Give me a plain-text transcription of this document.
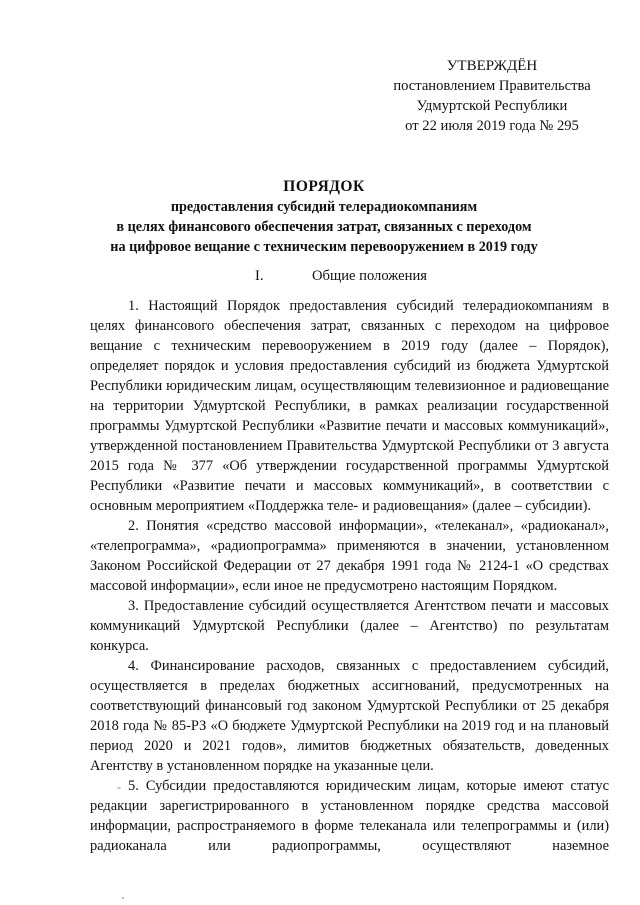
УТВЕРЖДЁН
постановлением Правительства
Удмуртской Республики
от 22 июля 2019 года № 295
ПОРЯДОК
предоставления субсидий телерадиокомпаниям
в целях финансового обеспечения затрат, связанных с переходом
на цифровое вещание с техническим перевооружением в 2019 году
I.	Общие положения

1. Настоящий Порядок предоставления субсидий телерадиокомпаниям в целях финансового обеспечения затрат, связанных с переходом на цифровое вещание с техническим перевооружением в 2019 году (далее – Порядок), определяет порядок и условия предоставления субсидий из бюджета Удмуртской Республики юридическим лицам, осуществляющим телевизионное и радиовещание на территории Удмуртской Республики, в рамках реализации государственной программы Удмуртской Республики «Развитие печати и массовых коммуникаций», утвержденной постановлением Правительства Удмуртской Республики от 3 августа 2015 года № 377 «Об утверждении государственной программы Удмуртской Республики «Развитие печати и массовых коммуникаций», в соответствии с основным мероприятием «Поддержка теле- и радиовещания» (далее – субсидии).

2. Понятия «средство массовой информации», «телеканал», «радиоканал», «телепрограмма», «радиопрограмма» применяются в значении, установленном Законом Российской Федерации от 27 декабря 1991 года № 2124-1 «О средствах массовой информации», если иное не предусмотрено настоящим Порядком.

3. Предоставление субсидий осуществляется Агентством печати и массовых коммуникаций Удмуртской Республики (далее – Агентство) по результатам конкурса.

4. Финансирование расходов, связанных с предоставлением субсидий, осуществляется в пределах бюджетных ассигнований, предусмотренных на соответствующий финансовый год законом Удмуртской Республики от 25 декабря 2018 года № 85-РЗ «О бюджете Удмуртской Республики на 2019 год и на плановый период 2020 и 2021 годов», лимитов бюджетных обязательств, доведенных Агентству в установленном порядке на указанные цели.

5. Субсидии предоставляются юридическим лицам, которые имеют статус редакции зарегистрированного в установленном порядке средства массовой информации, распространяемого в форме телеканала или телепрограммы и (или) радиоканала или радиопрограммы, осуществляют наземное

-
